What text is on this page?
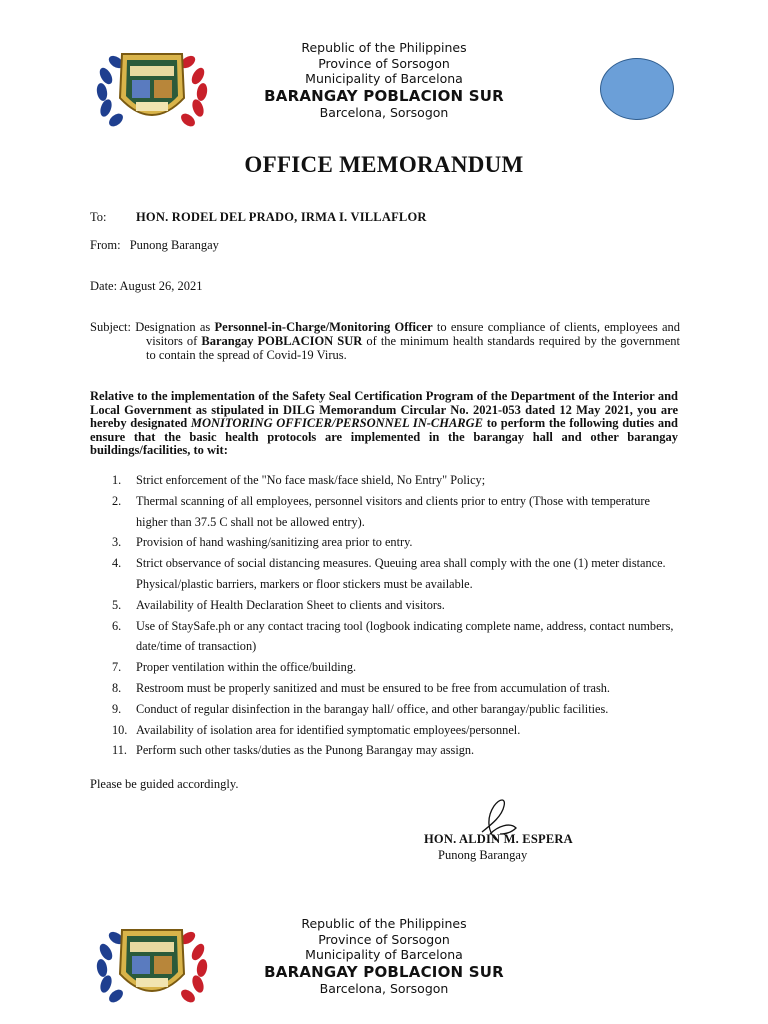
Republic of the Philippines
Province of Sorsogon
Municipality of Barcelona
BARANGAY POBLACION SUR
Barcelona, Sorsogon
OFFICE MEMORANDUM
To: HON. RODEL DEL PRADO, IRMA I. VILLAFLOR
From: Punong Barangay
Date: August 26, 2021
Subject: Designation as Personnel-in-Charge/Monitoring Officer to ensure compliance of clients, employees and visitors of Barangay POBLACION SUR of the minimum health standards required by the government to contain the spread of Covid-19 Virus.
Relative to the implementation of the Safety Seal Certification Program of the Department of the Interior and Local Government as stipulated in DILG Memorandum Circular No. 2021-053 dated 12 May 2021, you are hereby designated MONITORING OFFICER/PERSONNEL IN-CHARGE to perform the following duties and ensure that the basic health protocols are implemented in the barangay hall and other barangay buildings/facilities, to wit:
1. Strict enforcement of the "No face mask/face shield, No Entry" Policy;
2. Thermal scanning of all employees, personnel visitors and clients prior to entry (Those with temperature higher than 37.5 C shall not be allowed entry).
3. Provision of hand washing/sanitizing area prior to entry.
4. Strict observance of social distancing measures. Queuing area shall comply with the one (1) meter distance. Physical/plastic barriers, markers or floor stickers must be available.
5. Availability of Health Declaration Sheet to clients and visitors.
6. Use of StaySafe.ph or any contact tracing tool (logbook indicating complete name, address, contact numbers, date/time of transaction)
7. Proper ventilation within the office/building.
8. Restroom must be properly sanitized and must be ensured to be free from accumulation of trash.
9. Conduct of regular disinfection in the barangay hall/ office, and other barangay/public facilities.
10. Availability of isolation area for identified symptomatic employees/personnel.
11. Perform such other tasks/duties as the Punong Barangay may assign.
Please be guided accordingly.
HON. ALDIN M. ESPERA
Punong Barangay
Republic of the Philippines
Province of Sorsogon
Municipality of Barcelona
BARANGAY POBLACION SUR
Barcelona, Sorsogon
